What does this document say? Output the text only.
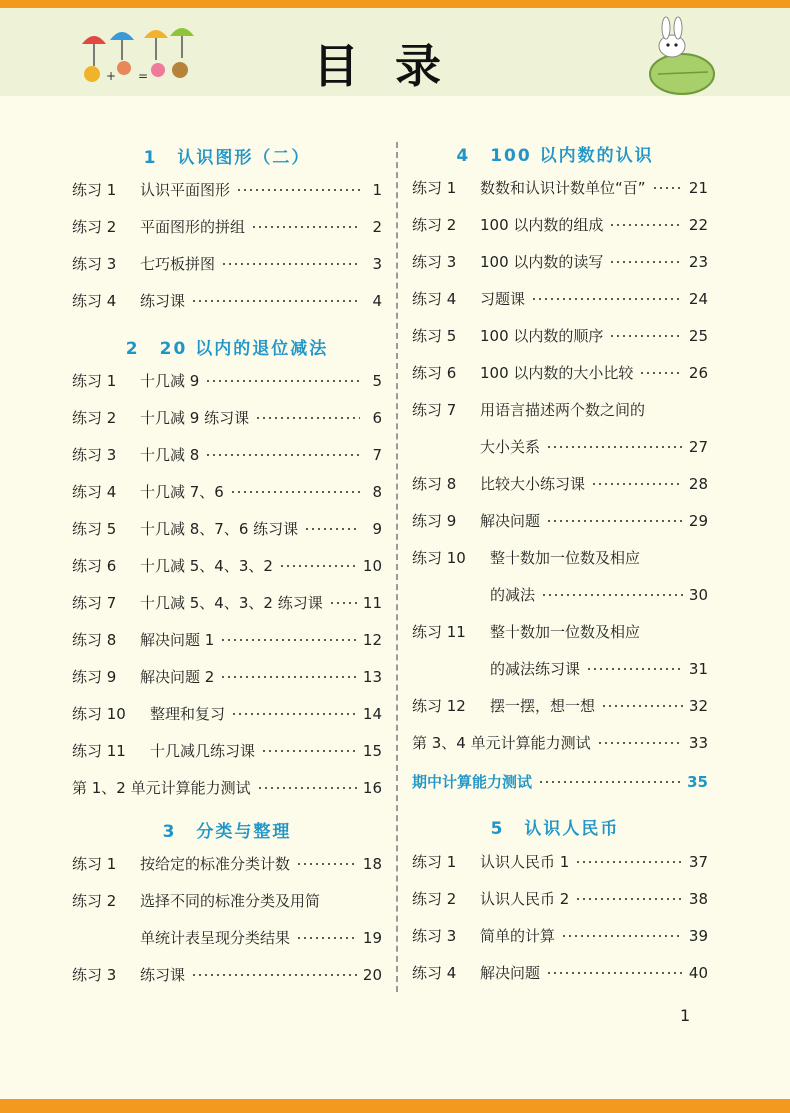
+ =	目录
1 认识图形（二）
练习 1	认识平面图形	1
练习 2	平面图形的拼组	2
练习 3	七巧板拼图	3
练习 4	练习课	4
2 20 以内的退位减法
练习 1	十几减 9	5
练习 2	十几减 9 练习课	6
练习 3	十几减 8	7
练习 4	十几减 7、6	8
练习 5	十几减 8、7、6 练习课	9
练习 6	十几减 5、4、3、2	10
练习 7	十几减 5、4、3、2 练习课	11
练习 8	解决问题 1	12
练习 9	解决问题 2	13
练习 10	整理和复习	14
练习 11	十几减几练习课	15
第 1、2 单元计算能力测试	16
3 分类与整理
练习 1	按给定的标准分类计数	18
练习 2	选择不同的标准分类及用简
单统计表呈现分类结果	19
练习 3	练习课	20
4 100 以内数的认识
练习 1	数数和认识计数单位“百”	21
练习 2	100 以内数的组成	22
练习 3	100 以内数的读写	23
练习 4	习题课	24
练习 5	100 以内数的顺序	25
练习 6	100 以内数的大小比较	26
练习 7	用语言描述两个数之间的
大小关系	27
练习 8	比较大小练习课	28
练习 9	解决问题	29
练习 10	整十数加一位数及相应
的减法	30
练习 11	整十数加一位数及相应
的减法练习课	31
练习 12	摆一摆，想一想	32
第 3、4 单元计算能力测试	33
期中计算能力测试	35
5 认识人民币
练习 1	认识人民币 1	37
练习 2	认识人民币 2	38
练习 3	简单的计算	39
练习 4	解决问题	40
1
